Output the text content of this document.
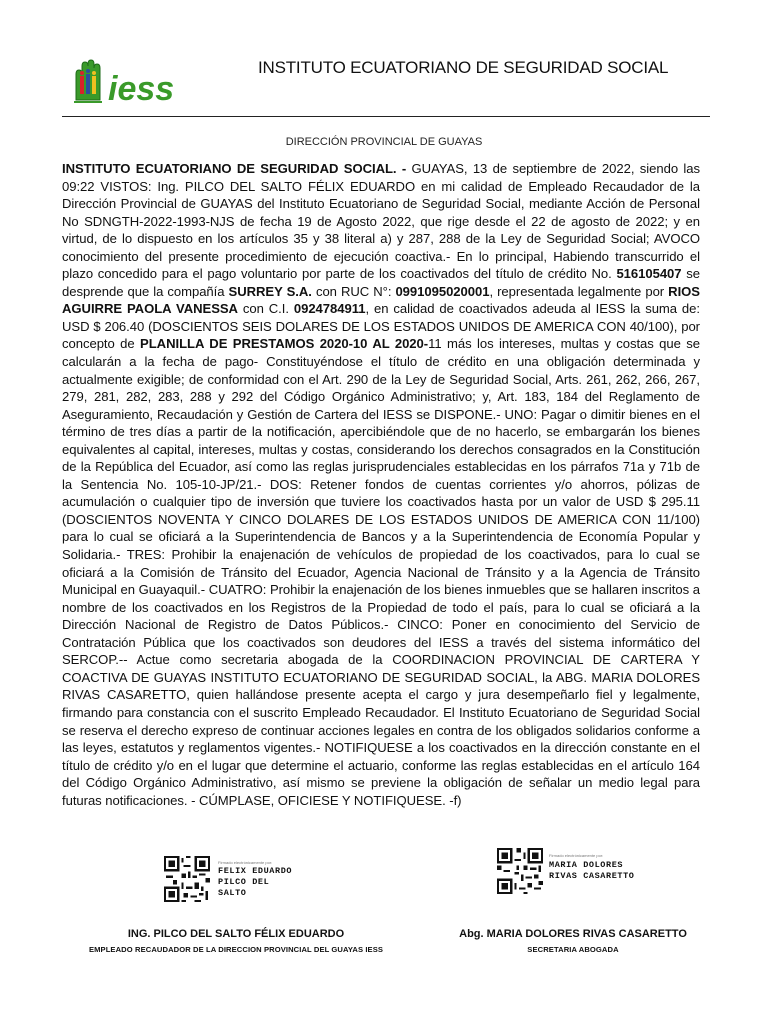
iess
INSTITUTO ECUATORIANO DE SEGURIDAD SOCIAL
DIRECCIÓN PROVINCIAL DE GUAYAS

INSTITUTO ECUATORIANO DE SEGURIDAD SOCIAL. - GUAYAS, 13 de septiembre de 2022, siendo las 09:22 VISTOS: Ing. PILCO DEL SALTO FÉLIX EDUARDO en mi calidad de Empleado Recaudador de la Dirección Provincial de GUAYAS del Instituto Ecuatoriano de Seguridad Social, mediante Acción de Personal No SDNGTH-2022-1993-NJS de fecha 19 de Agosto 2022, que rige desde el 22 de agosto de 2022; y en virtud, de lo dispuesto en los artículos 35 y 38 literal a) y 287, 288 de la Ley de Seguridad Social; AVOCO conocimiento del presente procedimiento de ejecución coactiva.- En lo principal, Habiendo transcurrido el plazo concedido para el pago voluntario por parte de los coactivados del título de crédito No. 516105407 se desprende que la compañía SURREY S.A. con RUC N°: 0991095020001, representada legalmente por RIOS AGUIRRE PAOLA VANESSA con C.I. 0924784911, en calidad de coactivados adeuda al IESS la suma de: USD $ 206.40 (DOSCIENTOS SEIS DOLARES DE LOS ESTADOS UNIDOS DE AMERICA CON 40/100), por concepto de PLANILLA DE PRESTAMOS 2020-10 AL 2020-11 más los intereses, multas y costas que se calcularán a la fecha de pago- Constituyéndose el título de crédito en una obligación determinada y actualmente exigible; de conformidad con el Art. 290 de la Ley de Seguridad Social, Arts. 261, 262, 266, 267, 279, 281, 282, 283, 288 y 292 del Código Orgánico Administrativo; y, Art. 183, 184 del Reglamento de Aseguramiento, Recaudación y Gestión de Cartera del IESS se DISPONE.- UNO: Pagar o dimitir bienes en el término de tres días a partir de la notificación, apercibiéndole que de no hacerlo, se embargarán los bienes equivalentes al capital, intereses, multas y costas, considerando los derechos consagrados en la Constitución de la República del Ecuador, así como las reglas jurisprudenciales establecidas en los párrafos 71a y 71b de la Sentencia No. 105-10-JP/21.- DOS: Retener fondos de cuentas corrientes y/o ahorros, pólizas de acumulación o cualquier tipo de inversión que tuviere los coactivados hasta por un valor de USD $ 295.11 (DOSCIENTOS NOVENTA Y CINCO DOLARES DE LOS ESTADOS UNIDOS DE AMERICA CON 11/100) para lo cual se oficiará a la Superintendencia de Bancos y a la Superintendencia de Economía Popular y Solidaria.- TRES: Prohibir la enajenación de vehículos de propiedad de los coactivados, para lo cual se oficiará a la Comisión de Tránsito del Ecuador, Agencia Nacional de Tránsito y a la Agencia de Tránsito Municipal en Guayaquil.- CUATRO: Prohibir la enajenación de los bienes inmuebles que se hallaren inscritos a nombre de los coactivados en los Registros de la Propiedad de todo el país, para lo cual se oficiará a la Dirección Nacional de Registro de Datos Públicos.- CINCO: Poner en conocimiento del Servicio de Contratación Pública que los coactivados son deudores del IESS a través del sistema informático del SERCOP.-- Actue como secretaria abogada de la COORDINACION PROVINCIAL DE CARTERA Y COACTIVA DE GUAYAS INSTITUTO ECUATORIANO DE SEGURIDAD SOCIAL, la ABG. MARIA DOLORES RIVAS CASARETTO, quien hallándose presente acepta el cargo y jura desempeñarlo fiel y legalmente, firmando para constancia con el suscrito Empleado Recaudador. El Instituto Ecuatoriano de Seguridad Social se reserva el derecho expreso de continuar acciones legales en contra de los obligados solidarios conforme a las leyes, estatutos y reglamentos vigentes.- NOTIFIQUESE a los coactivados en la dirección constante en el título de crédito y/o en el lugar que determine el actuario, conforme las reglas establecidas en el artículo 164 del Código Orgánico Administrativo, así mismo se previene la obligación de señalar un medio legal para futuras notificaciones. - CÚMPLASE, OFICIESE Y NOTIFIQUESE. -f)

Firmado electrónicamente por:
FELIX EDUARDO
PILCO DEL
SALTO
Firmado electrónicamente por:
MARIA DOLORES
RIVAS CASARETTO
ING. PILCO DEL SALTO FÉLIX EDUARDO
EMPLEADO RECAUDADOR DE LA DIRECCION PROVINCIAL DEL GUAYAS IESS
Abg. MARIA DOLORES RIVAS CASARETTO
SECRETARIA ABOGADA
